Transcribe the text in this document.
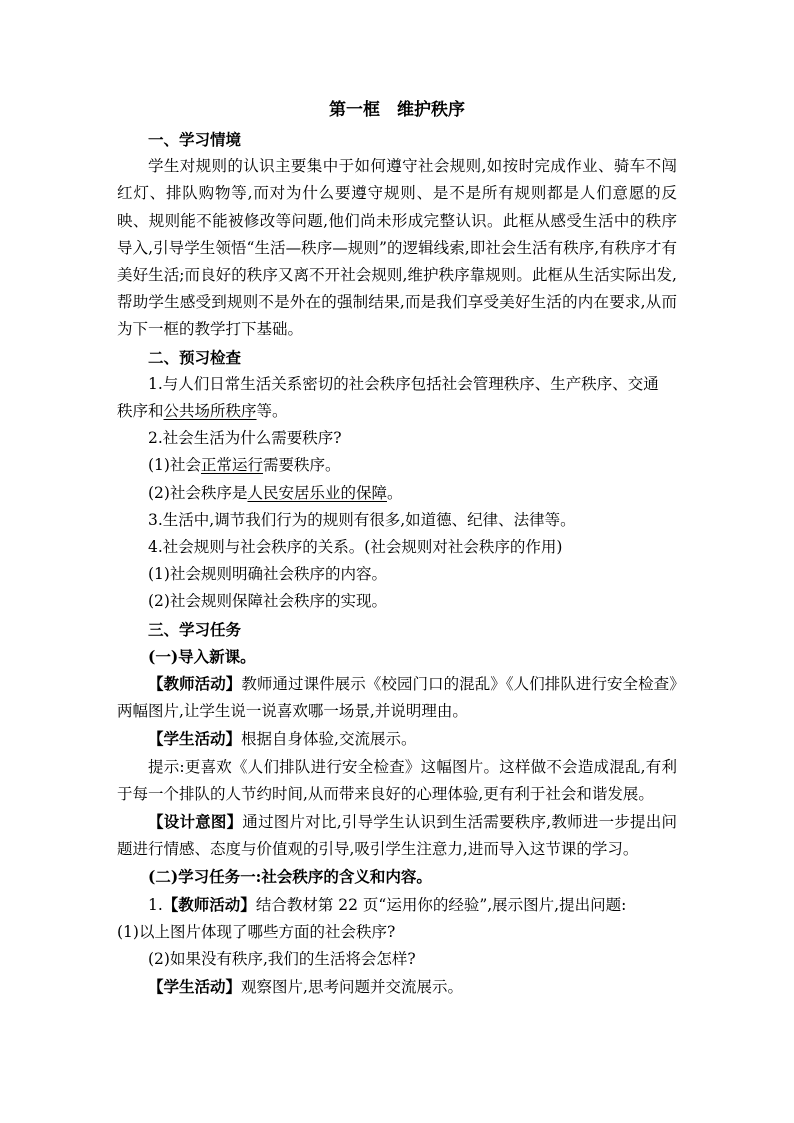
第一框　维护秩序

一、学习情境

学生对规则的认识主要集中于如何遵守社会规则,如按时完成作业、骑车不闯红灯、排队购物等,而对为什么要遵守规则、是不是所有规则都是人们意愿的反映、规则能不能被修改等问题,他们尚未形成完整认识。此框从感受生活中的秩序导入,引导学生领悟“生活—秩序—规则”的逻辑线索,即社会生活有秩序,有秩序才有美好生活;而良好的秩序又离不开社会规则,维护秩序靠规则。此框从生活实际出发,帮助学生感受到规则不是外在的强制结果,而是我们享受美好生活的内在要求,从而为下一框的教学打下基础。

二、预习检查

1.与人们日常生活关系密切的社会秩序包括社会管理秩序、生产秩序、交通

秩序和公共场所秩序等。

2.社会生活为什么需要秩序?

(1)社会正常运行需要秩序。

(2)社会秩序是人民安居乐业的保障。

3.生活中,调节我们行为的规则有很多,如道德、纪律、法律等。

4.社会规则与社会秩序的关系。(社会规则对社会秩序的作用)

(1)社会规则明确社会秩序的内容。

(2)社会规则保障社会秩序的实现。

三、学习任务

(一)导入新课。

【教师活动】教师通过课件展示《校园门口的混乱》《人们排队进行安全检查》两幅图片,让学生说一说喜欢哪一场景,并说明理由。

【学生活动】根据自身体验,交流展示。

提示:更喜欢《人们排队进行安全检查》这幅图片。这样做不会造成混乱,有利于每一个排队的人节约时间,从而带来良好的心理体验,更有利于社会和谐发展。

【设计意图】通过图片对比,引导学生认识到生活需要秩序,教师进一步提出问题进行情感、态度与价值观的引导,吸引学生注意力,进而导入这节课的学习。

(二)学习任务一:社会秩序的含义和内容。

1.【教师活动】结合教材第 22 页“运用你的经验”,展示图片,提出问题:

(1)以上图片体现了哪些方面的社会秩序?

(2)如果没有秩序,我们的生活将会怎样?

【学生活动】观察图片,思考问题并交流展示。
